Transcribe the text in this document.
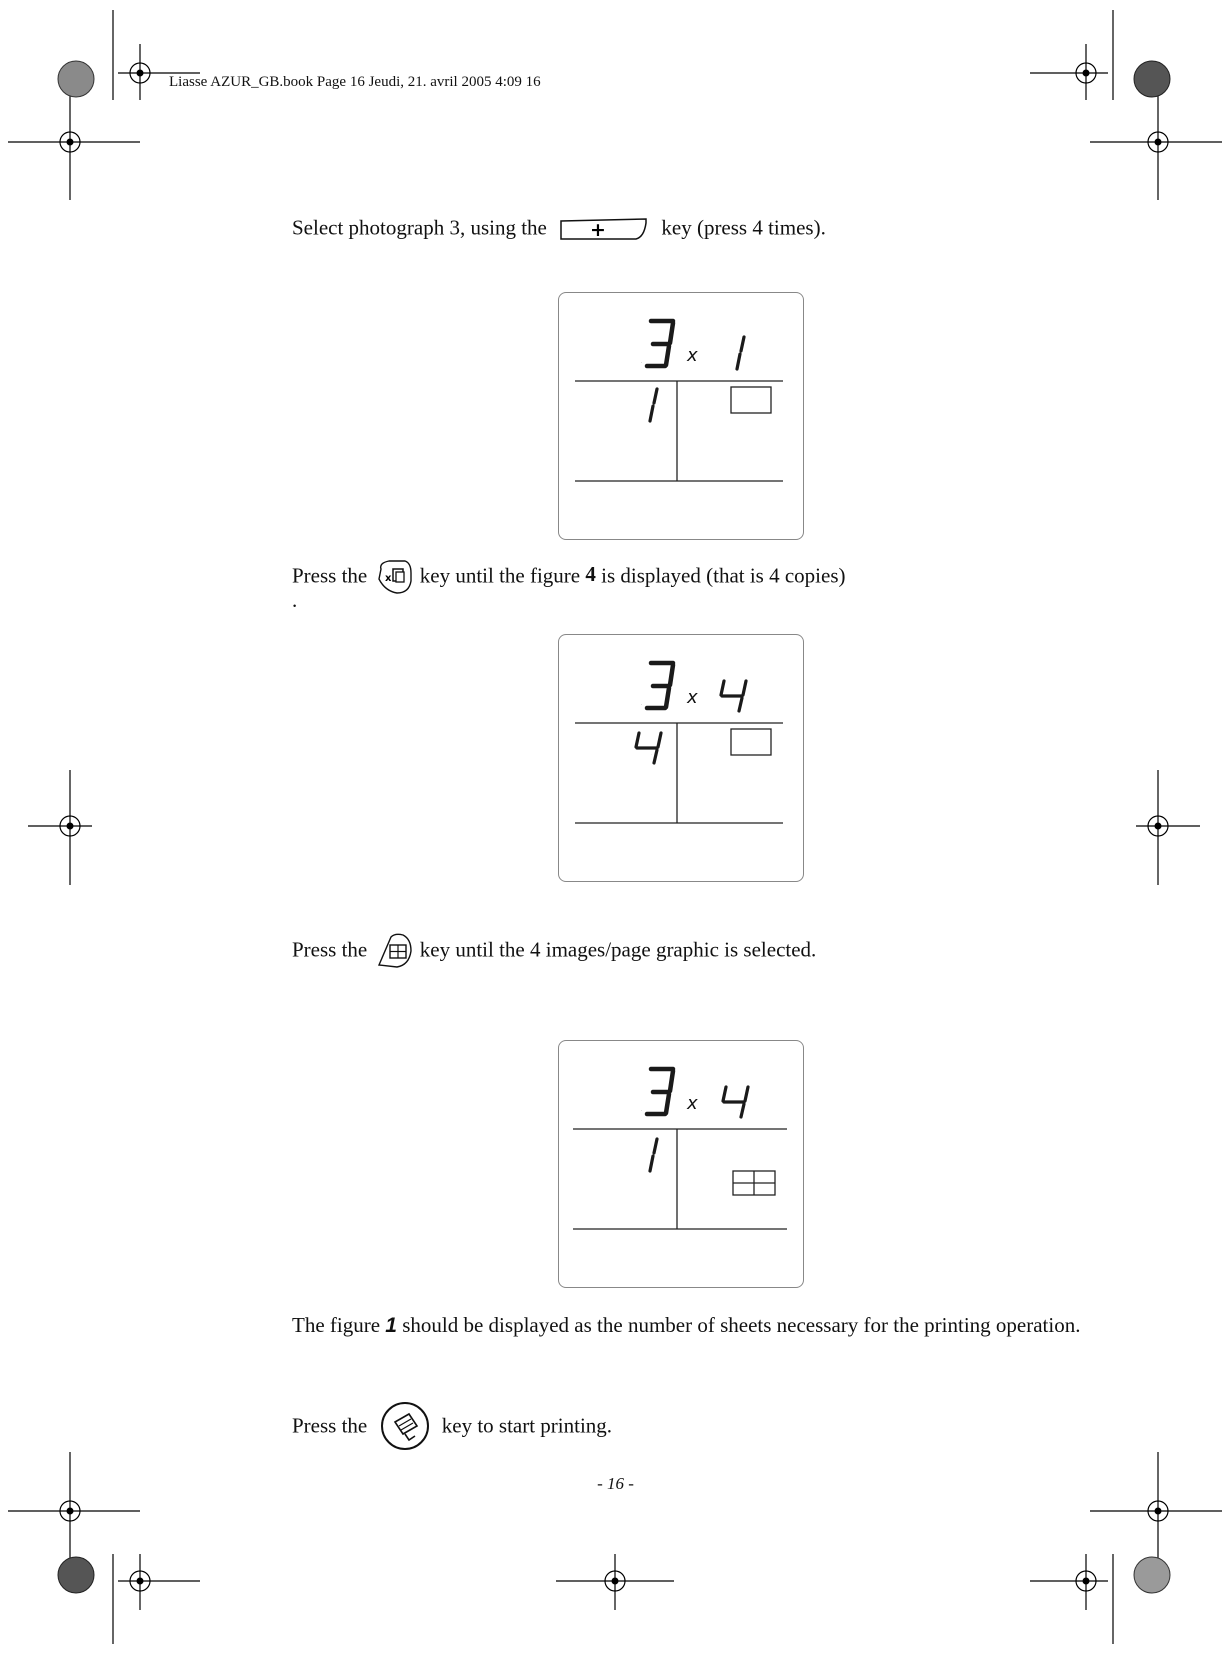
Liasse AZUR_GB.book Page 16 Jeudi, 21. avril 2005 4:09 16
Select photograph 3, using the +	key (press 4 times).
3	x	1
1
Press the x key until the figure 4 is displayed (that is 4 copies)
.
3	x	4
4
Press the	key until the 4 images/page graphic is selected.
3	x	4
1
The figure 1 should be displayed as the number of sheets necessary for the printing operation.
Press the	key to start printing.
- 16 -
